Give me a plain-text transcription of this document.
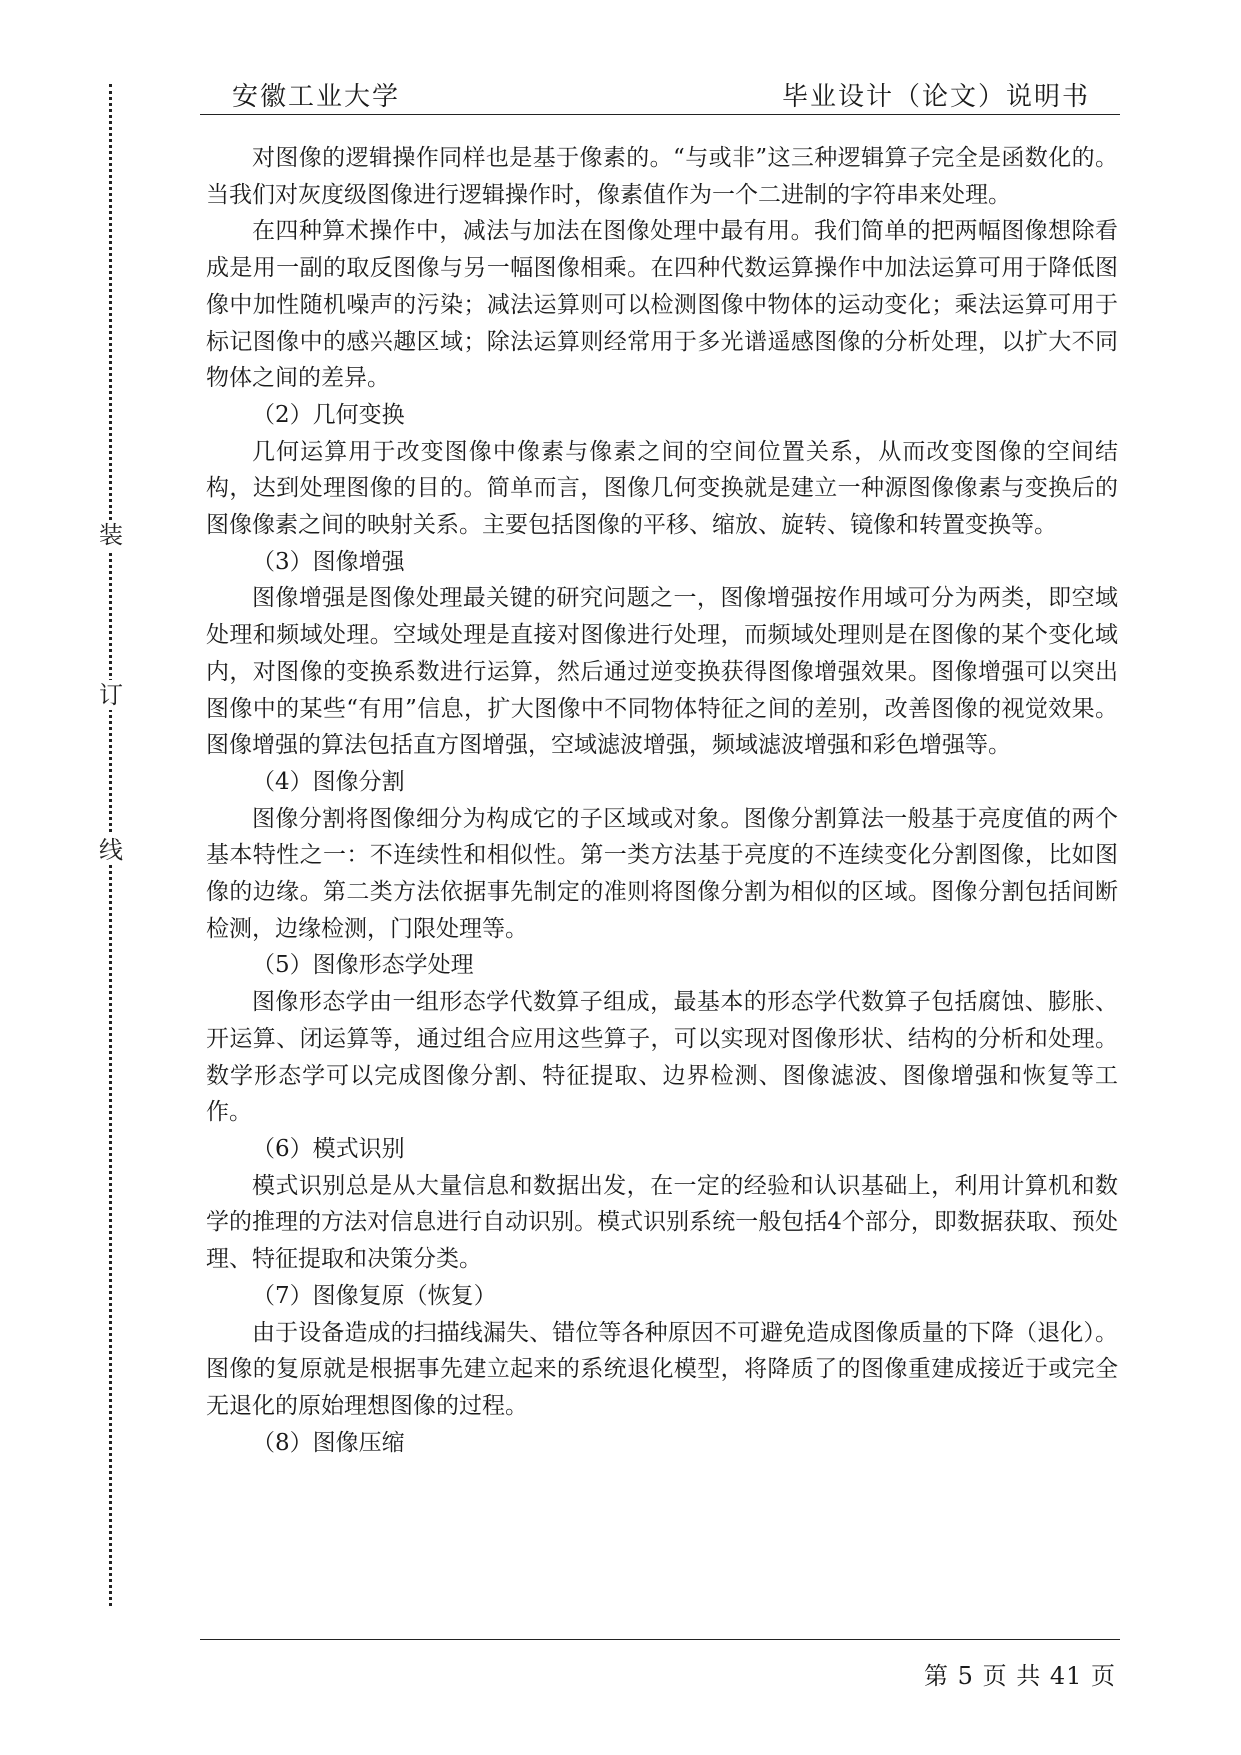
装
订
线
安徽工业大学	毕业设计（论文）说明书

对图像的逻辑操作同样也是基于像素的。“与或非”这三种逻辑算子完全是函数化的。当我们对灰度级图像进行逻辑操作时，像素值作为一个二进制的字符串来处理。

在四种算术操作中，减法与加法在图像处理中最有用。我们简单的把两幅图像想除看成是用一副的取反图像与另一幅图像相乘。在四种代数运算操作中加法运算可用于降低图像中加性随机噪声的污染；减法运算则可以检测图像中物体的运动变化；乘法运算可用于标记图像中的感兴趣区域；除法运算则经常用于多光谱遥感图像的分析处理，以扩大不同物体之间的差异。

（2）几何变换

几何运算用于改变图像中像素与像素之间的空间位置关系，从而改变图像的空间结构，达到处理图像的目的。简单而言，图像几何变换就是建立一种源图像像素与变换后的图像像素之间的映射关系。主要包括图像的平移、缩放、旋转、镜像和转置变换等。

（3）图像增强

图像增强是图像处理最关键的研究问题之一，图像增强按作用域可分为两类，即空域处理和频域处理。空域处理是直接对图像进行处理，而频域处理则是在图像的某个变化域内，对图像的变换系数进行运算，然后通过逆变换获得图像增强效果。图像增强可以突出图像中的某些“有用”信息，扩大图像中不同物体特征之间的差别，改善图像的视觉效果。图像增强的算法包括直方图增强，空域滤波增强，频域滤波增强和彩色增强等。

（4）图像分割

图像分割将图像细分为构成它的子区域或对象。图像分割算法一般基于亮度值的两个基本特性之一：不连续性和相似性。第一类方法基于亮度的不连续变化分割图像，比如图像的边缘。第二类方法依据事先制定的准则将图像分割为相似的区域。图像分割包括间断检测，边缘检测，门限处理等。

（5）图像形态学处理

图像形态学由一组形态学代数算子组成，最基本的形态学代数算子包括腐蚀、膨胀、开运算、闭运算等，通过组合应用这些算子，可以实现对图像形状、结构的分析和处理。数学形态学可以完成图像分割、特征提取、边界检测、图像滤波、图像增强和恢复等工作。

（6）模式识别

模式识别总是从大量信息和数据出发，在一定的经验和认识基础上，利用计算机和数学的推理的方法对信息进行自动识别。模式识别系统一般包括4个部分，即数据获取、预处理、特征提取和决策分类。

（7）图像复原（恢复）

由于设备造成的扫描线漏失、错位等各种原因不可避免造成图像质量的下降（退化）。图像的复原就是根据事先建立起来的系统退化模型，将降质了的图像重建成接近于或完全无退化的原始理想图像的过程。

（8）图像压缩

第 5 页 共 41 页
